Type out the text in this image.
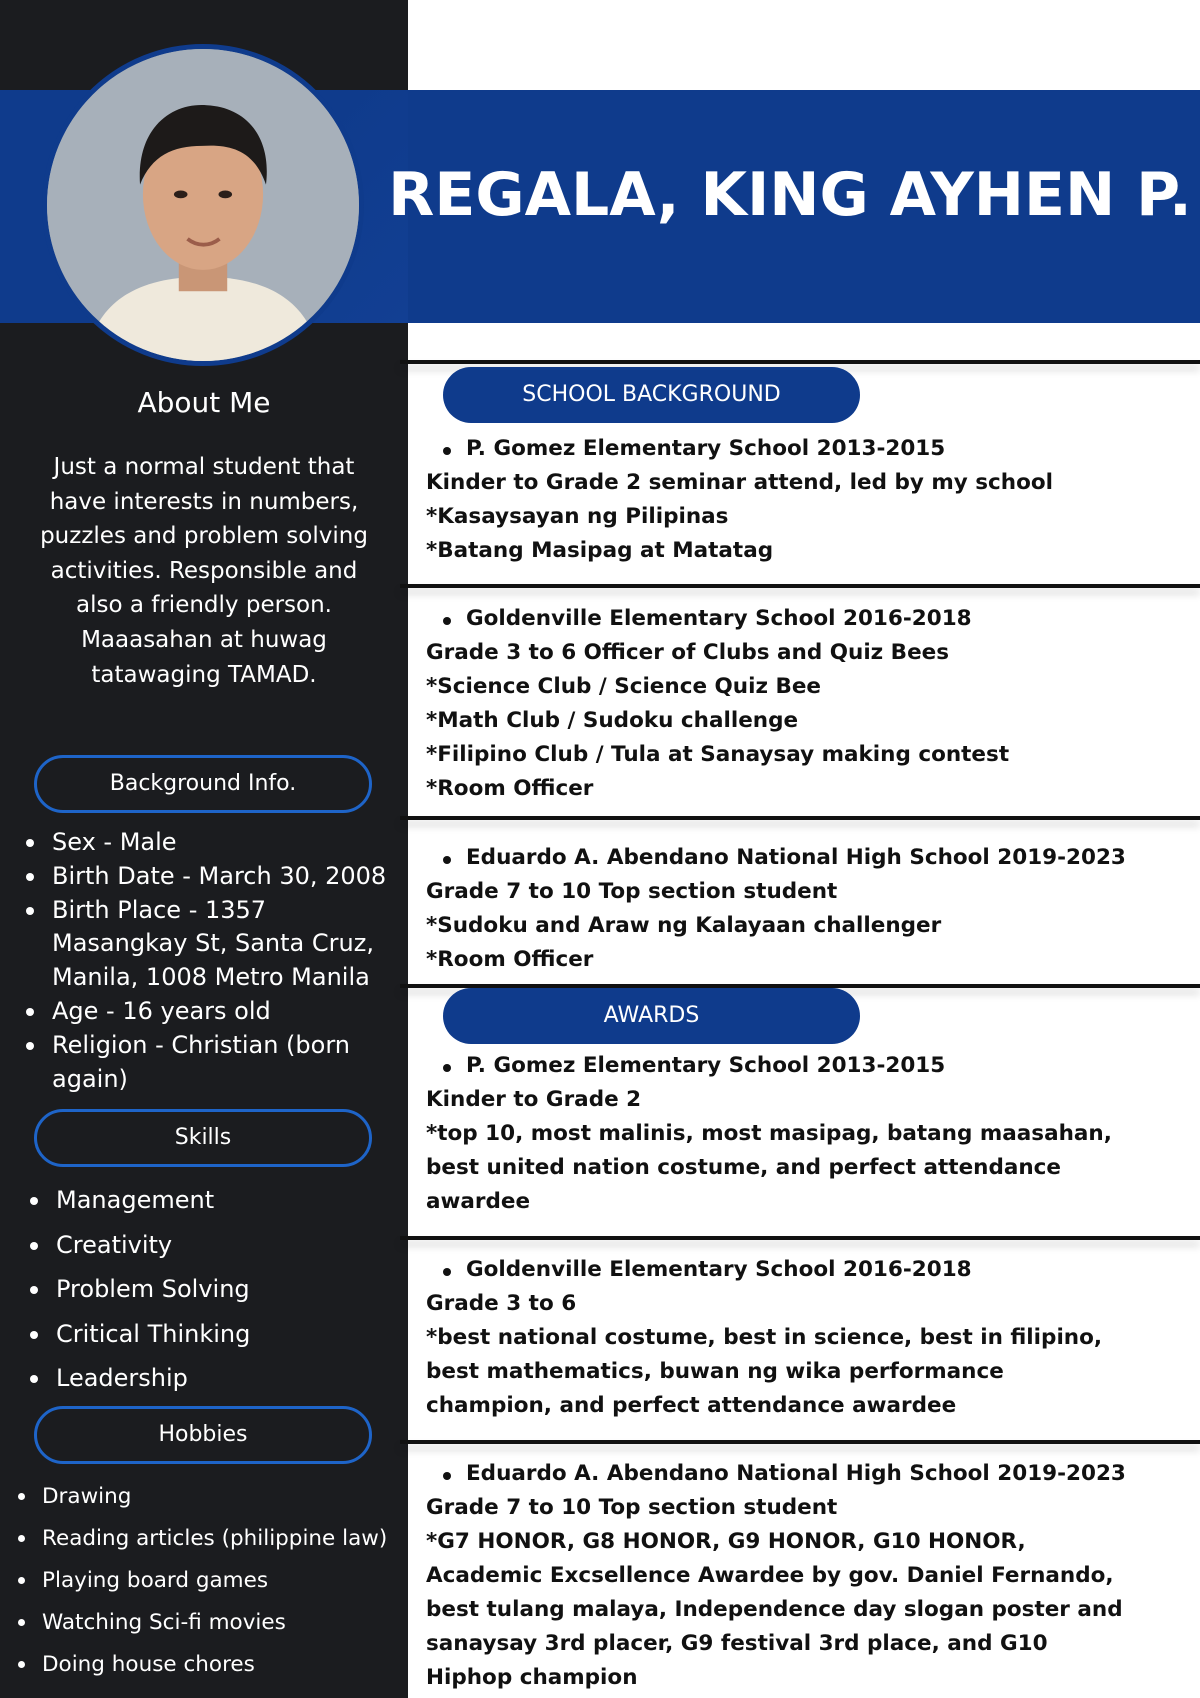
REGALA, KING AYHEN P.
About Me
Just a normal student that have interests in numbers, puzzles and problem solving activities. Responsible and also a friendly person. Maaasahan at huwag tatawaging TAMAD.
Background Info.
Sex - Male
Birth Date - March 30, 2008
Birth Place - 1357 Masangkay St, Santa Cruz, Manila, 1008 Metro Manila
Age - 16 years old
Religion - Christian (born again)
Skills
Management
Creativity
Problem Solving
Critical Thinking
Leadership
Hobbies
Drawing
Reading articles (philippine law)
Playing board games
Watching Sci-fi movies
Doing house chores
SCHOOL BACKGROUND
P. Gomez Elementary School 2013-2015
Kinder to Grade 2 seminar attend, led by my school
*Kasaysayan ng Pilipinas
*Batang Masipag at Matatag
Goldenville Elementary School 2016-2018
Grade 3 to 6 Officer of Clubs and Quiz Bees
*Science Club / Science Quiz Bee
*Math Club / Sudoku challenge
*Filipino Club / Tula at Sanaysay making contest
*Room Officer
Eduardo A. Abendano National High School 2019-2023
Grade 7 to 10 Top section student
*Sudoku and Araw ng Kalayaan challenger
*Room Officer
AWARDS
P. Gomez Elementary School 2013-2015
Kinder to Grade 2
*top 10, most malinis, most masipag, batang maasahan,
best united nation costume, and perfect attendance
awardee
Goldenville Elementary School 2016-2018
Grade 3 to 6
*best national costume, best in science, best in filipino,
best mathematics, buwan ng wika performance
champion, and perfect attendance awardee
Eduardo A. Abendano National High School 2019-2023
Grade 7 to 10 Top section student
*G7 HONOR, G8 HONOR, G9 HONOR, G10 HONOR,
Academic Excsellence Awardee by gov. Daniel Fernando,
best tulang malaya, Independence day slogan poster and
sanaysay 3rd placer, G9 festival 3rd place, and G10
Hiphop champion
